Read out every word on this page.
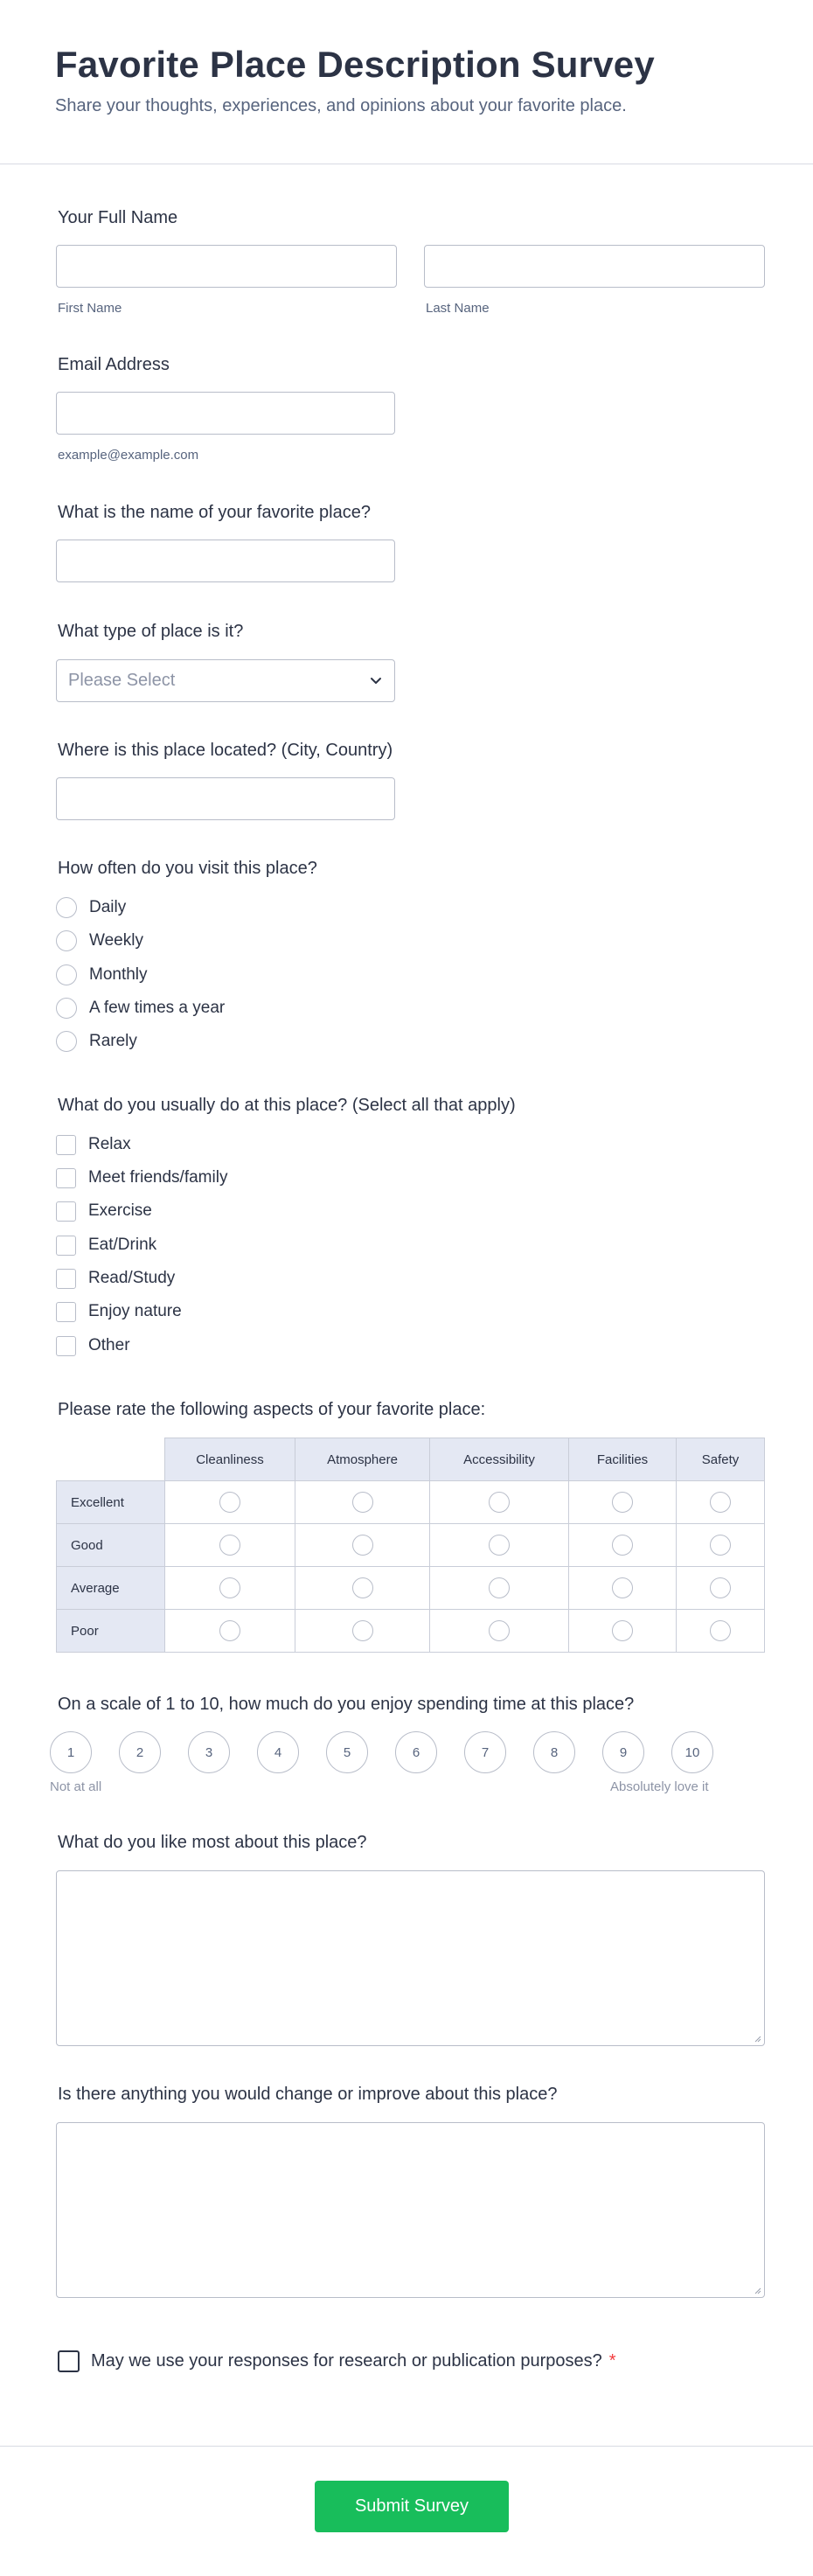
Favorite Place Description Survey
Share your thoughts, experiences, and opinions about your favorite place.
Your Full Name
First Name	Last Name
Email Address
example@example.com
What is the name of your favorite place?
What type of place is it?
Please Select
Where is this place located? (City, Country)
How often do you visit this place?
Daily
Weekly
Monthly
A few times a year
Rarely
What do you usually do at this place? (Select all that apply)
Relax
Meet friends/family
Exercise
Eat/Drink
Read/Study
Enjoy nature
Other
Please rate the following aspects of your favorite place:
	Cleanliness	Atmosphere	Accessibility	Facilities	Safety
Excellent					
Good					
Average					
Poor					
On a scale of 1 to 10, how much do you enjoy spending time at this place?
1	2	3	4	5	6	7	8	9	10
Not at all	Absolutely love it
What do you like most about this place?
Is there anything you would change or improve about this place?
May we use your responses for research or publication purposes? *
Submit Survey
